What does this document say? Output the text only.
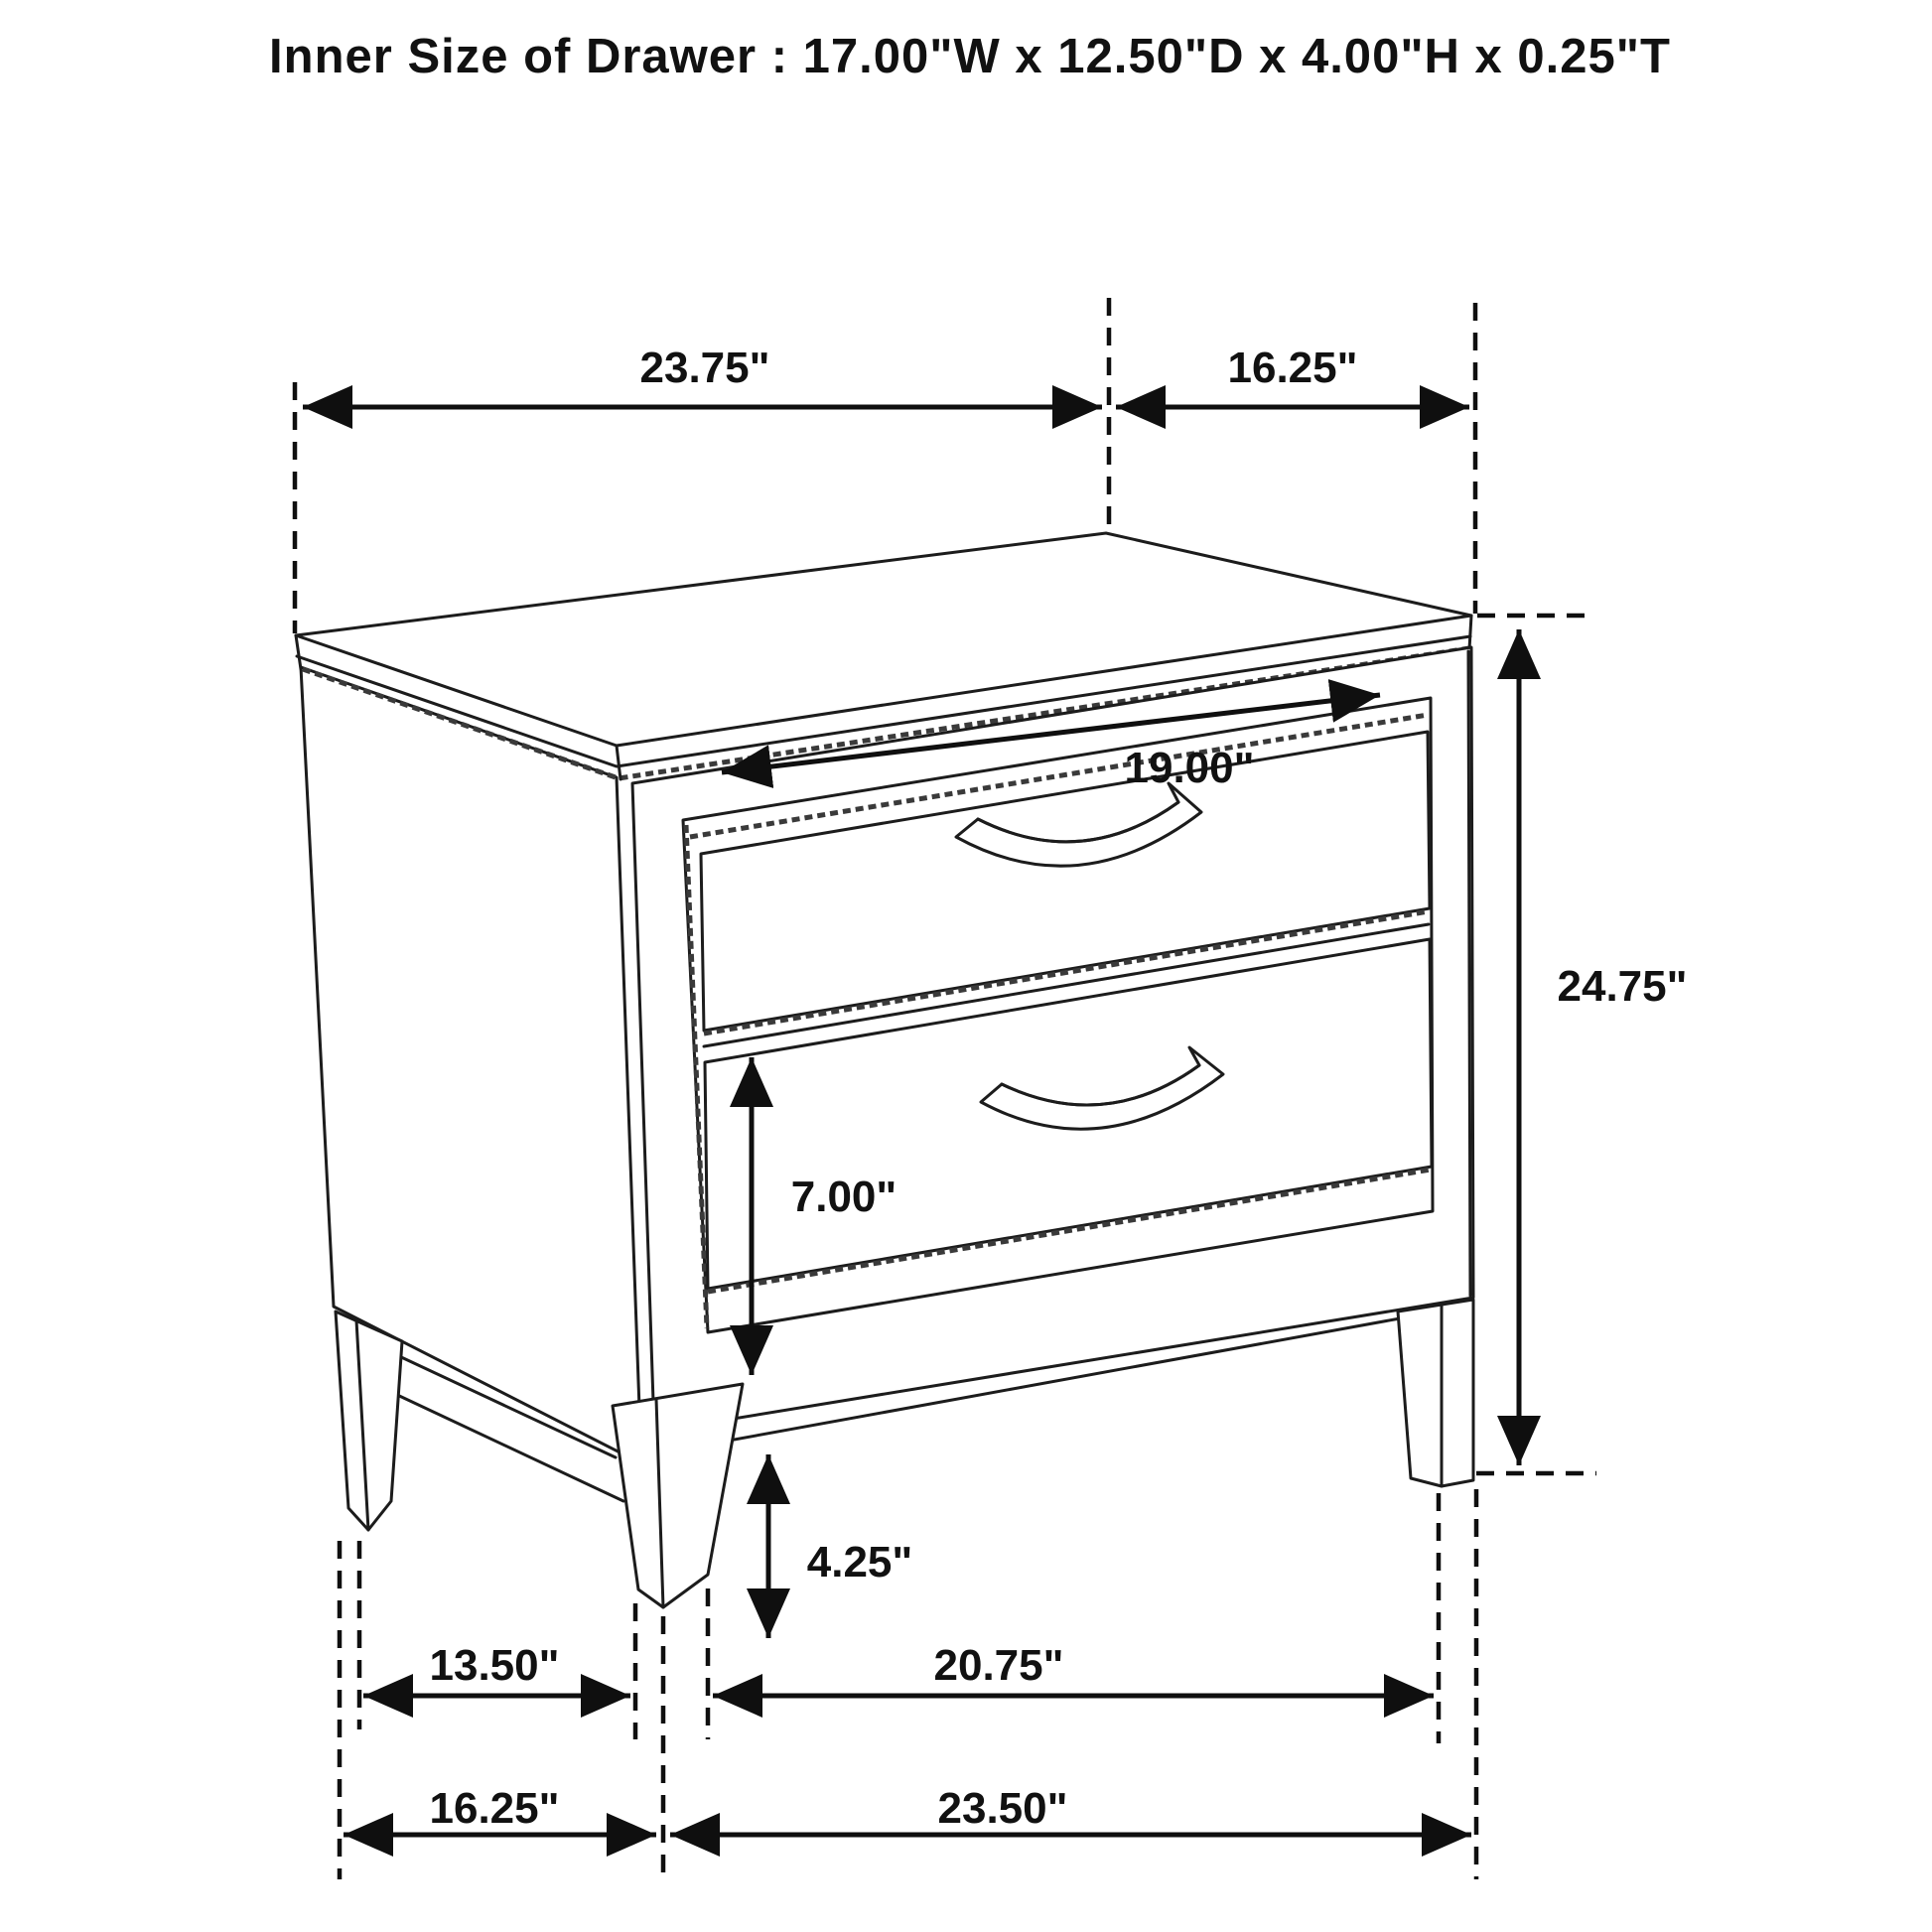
Inner Size of Drawer : 17.00"W x 12.50"D x 4.00"H x 0.25"T
23.75"	16.25"
19.00"
24.75"
7.00"
4.25"
13.50"	20.75"
16.25"	23.50"
